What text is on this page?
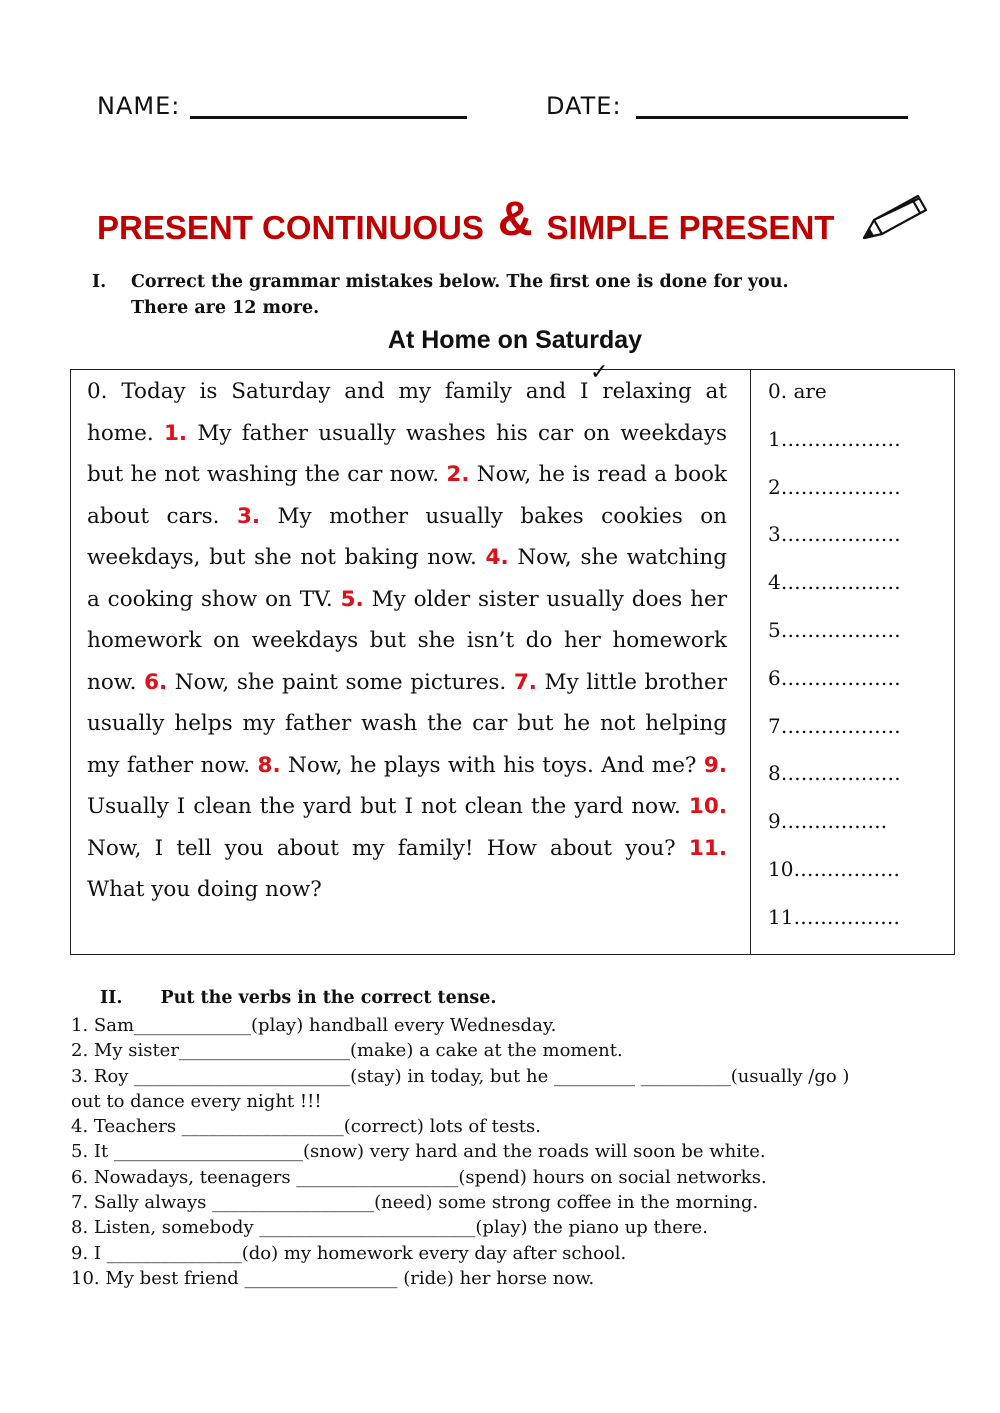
NAME:	DATE:
PRESENT CONTINUOUS & SIMPLE PRESENT
I. Correct the grammar mistakes below. The first one is done for you.
There are 12 more.
At Home on Saturday
✓
0. Today is Saturday and my family and I relaxing at home. 1. My father usually washes his car on weekdays but he not washing the car now. 2. Now, he is read a book about cars. 3. My mother usually bakes cookies on weekdays, but she not baking now. 4. Now, she watching a cooking show on TV. 5. My older sister usually does her homework on weekdays but she isn’t do her homework now. 6. Now, she paint some pictures. 7. My little brother usually helps my father wash the car but he not helping my father now. 8. Now, he plays with his toys. And me? 9. Usually I clean the yard but I not clean the yard now. 10. Now, I tell you about my family! How about you? 11. What you doing now?
0. are
1………………
2………………
3………………
4………………
5………………
6………………
7………………
8………………
9…………….
10…………….
11…………….
II. Put the verbs in the correct tense.
1. Sam_____________(play) handball every Wednesday.
2. My sister___________________(make) a cake at the moment.
3. Roy ________________________(stay) in today, but he _________ __________(usually /go )
out to dance every night !!!
4. Teachers __________________(correct) lots of tests.
5. It _____________________(snow) very hard and the roads will soon be white.
6. Nowadays, teenagers __________________(spend) hours on social networks.
7. Sally always __________________(need) some strong coffee in the morning.
8. Listen, somebody ________________________(play) the piano up there.
9. I _______________(do) my homework every day after school.
10. My best friend _________________ (ride) her horse now.
